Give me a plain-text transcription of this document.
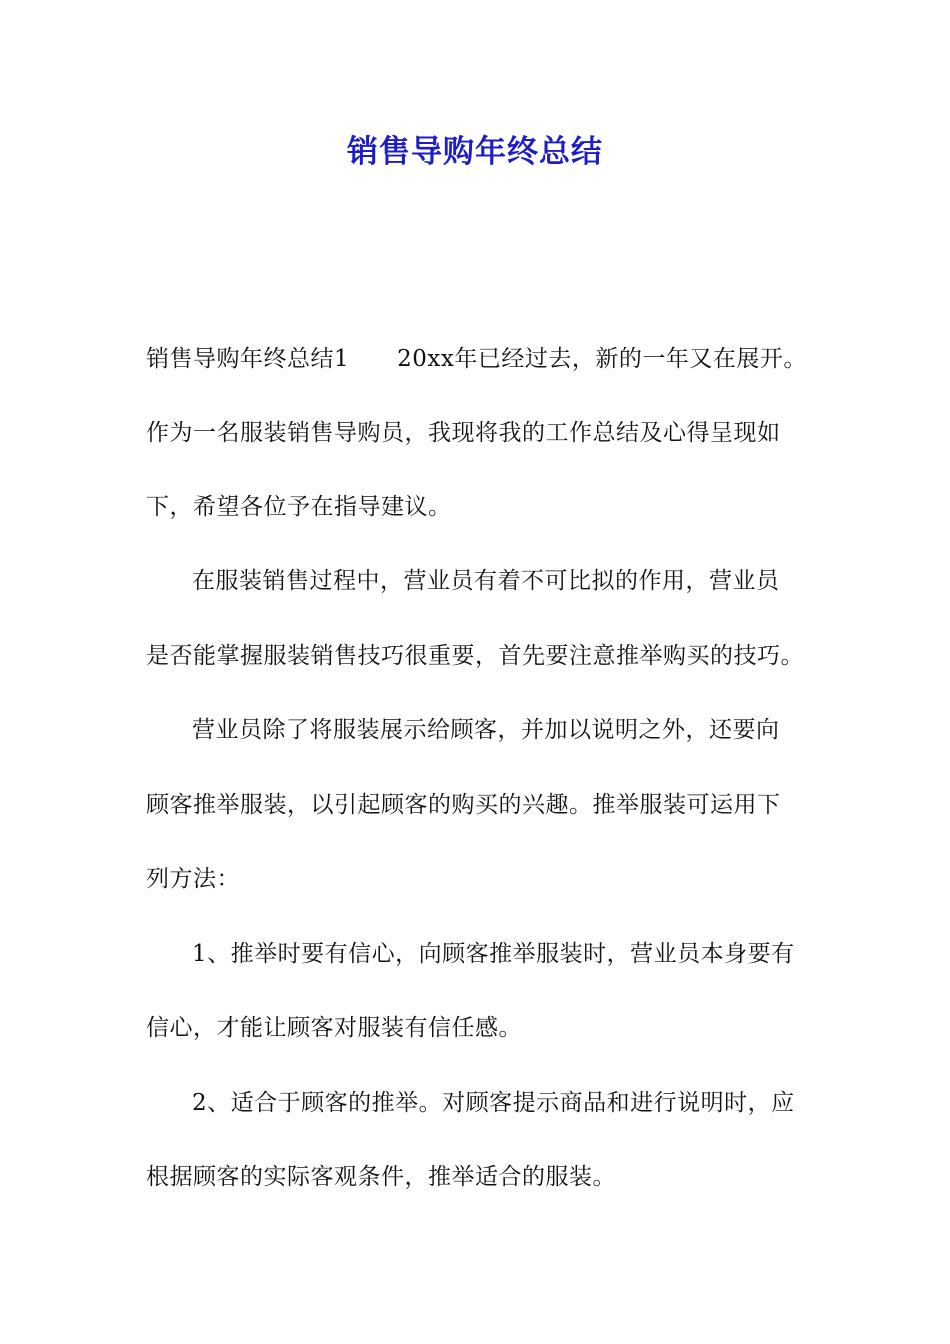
销售导购年终总结
销售导购年终总结1 20xx年已经过去，新的一年又在展开。
作为一名服装销售导购员，我现将我的工作总结及心得呈现如
下，希望各位予在指导建议。
在服装销售过程中，营业员有着不可比拟的作用，营业员
是否能掌握服装销售技巧很重要，首先要注意推举购买的技巧。
营业员除了将服装展示给顾客，并加以说明之外，还要向
顾客推举服装，以引起顾客的购买的兴趣。推举服装可运用下
列方法：
1、推举时要有信心，向顾客推举服装时，营业员本身要有
信心，才能让顾客对服装有信任感。
2、适合于顾客的推举。对顾客提示商品和进行说明时，应
根据顾客的实际客观条件，推举适合的服装。
